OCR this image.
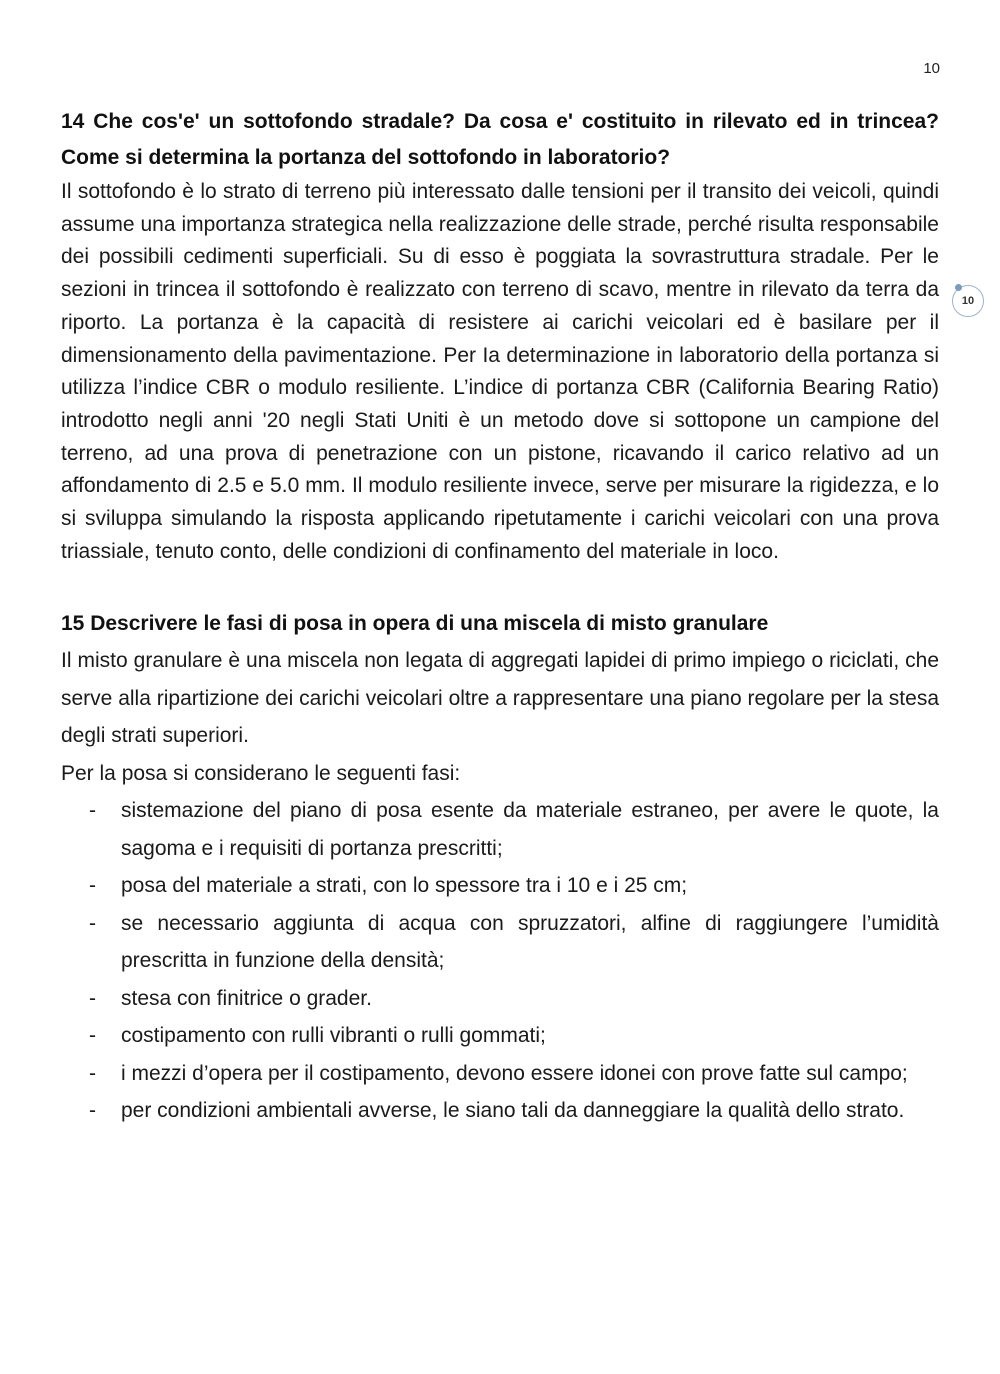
10
10
14 Che cos'e' un sottofondo stradale? Da cosa e' costituito in rilevato ed in trincea? Come si determina la portanza del sottofondo in laboratorio?

Il sottofondo è lo strato di terreno più interessato dalle tensioni per il transito dei veicoli, quindi assume una importanza strategica nella realizzazione delle strade, perché risulta responsabile dei possibili cedimenti superficiali. Su di esso è poggiata la sovrastruttura stradale. Per le sezioni in trincea il sottofondo è realizzato con terreno di scavo, mentre in rilevato da terra da riporto. La portanza è la capacità di resistere ai carichi veicolari ed è basilare per il dimensionamento della pavimentazione. Per Ia determinazione in laboratorio della portanza si utilizza l’indice CBR o modulo resiliente. L’indice di portanza CBR (California Bearing Ratio) introdotto negli anni '20 negli Stati Uniti è un metodo dove si sottopone un campione del terreno, ad una prova di penetrazione con un pistone, ricavando il carico relativo ad un affondamento di 2.5 e 5.0 mm. Il modulo resiliente invece, serve per misurare la rigidezza, e lo si sviluppa simulando la risposta applicando ripetutamente i carichi veicolari con una prova triassiale, tenuto conto, delle condizioni di confinamento del materiale in loco.

15 Descrivere le fasi di posa in opera di una miscela di misto granulare

Il misto granulare è una miscela non legata di aggregati lapidei di primo impiego o riciclati, che serve alla ripartizione dei carichi veicolari oltre a rappresentare una piano regolare per la stesa degli strati superiori.

Per la posa si considerano le seguenti fasi:

- sistemazione del piano di posa esente da materiale estraneo, per avere le quote, la sagoma e i requisiti di portanza prescritti;
- posa del materiale a strati, con lo spessore tra i 10 e i 25 cm;
- se necessario aggiunta di acqua con spruzzatori, alfine di raggiungere l’umidità prescritta in funzione della densità;
- stesa con finitrice o grader.
- costipamento con rulli vibranti o rulli gommati;
- i mezzi d’opera per il costipamento, devono essere idonei con prove fatte sul campo;
- per condizioni ambientali avverse, le siano tali da danneggiare la qualità dello strato.
